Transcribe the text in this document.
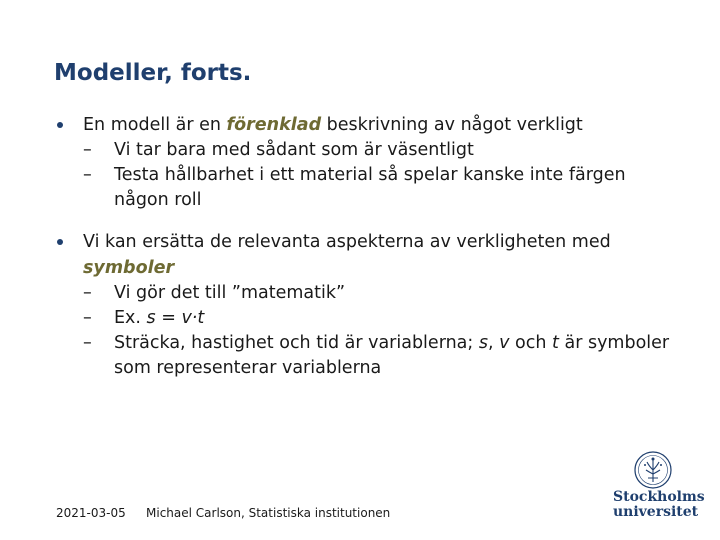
Modeller, forts.
En modell är en förenklad beskrivning av något verkligt
– Vi tar bara med sådant som är väsentligt
– Testa hållbarhet i ett material så spelar kanske inte färgen någon roll
Vi kan ersätta de relevanta aspekterna av verkligheten med symboler
– Vi gör det till ”matematik”
– Ex. s = v·t
– Sträcka, hastighet och tid är variablerna; s, v och t är symboler som representerar variablerna
2021-03-05 Michael Carlson, Statistiska institutionen
Stockholms
universitet
